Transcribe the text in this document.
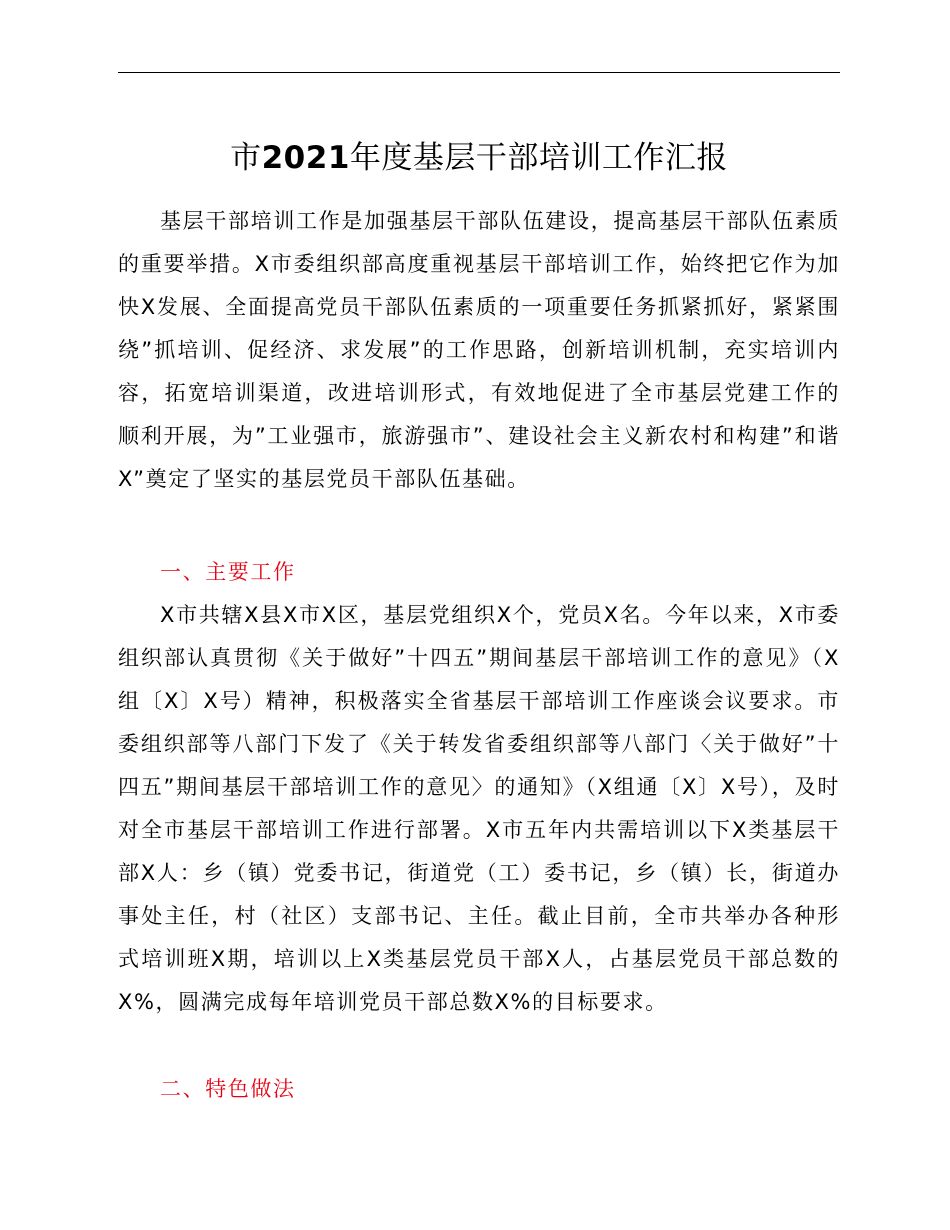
市2021年度基层干部培训工作汇报

基层干部培训工作是加强基层干部队伍建设，提高基层干部队伍素质的重要举措。X市委组织部高度重视基层干部培训工作，始终把它作为加快X发展、全面提高党员干部队伍素质的一项重要任务抓紧抓好，紧紧围绕”抓培训、促经济、求发展”的工作思路，创新培训机制，充实培训内容，拓宽培训渠道，改进培训形式，有效地促进了全市基层党建工作的顺利开展，为”工业强市，旅游强市”、建设社会主义新农村和构建”和谐X”奠定了坚实的基层党员干部队伍基础。

一、主要工作

X市共辖X县X市X区，基层党组织X个，党员X名。今年以来，X市委组织部认真贯彻《关于做好”十四五”期间基层干部培训工作的意见》（X组〔X〕X号）精神，积极落实全省基层干部培训工作座谈会议要求。市委组织部等八部门下发了《关于转发省委组织部等八部门〈关于做好”十四五”期间基层干部培训工作的意见〉的通知》（X组通〔X〕X号），及时对全市基层干部培训工作进行部署。X市五年内共需培训以下X类基层干部X人：乡（镇）党委书记，街道党（工）委书记，乡（镇）长，街道办事处主任，村（社区）支部书记、主任。截止目前，全市共举办各种形式培训班X期，培训以上X类基层党员干部X人，占基层党员干部总数的X%，圆满完成每年培训党员干部总数X%的目标要求。

二、特色做法
